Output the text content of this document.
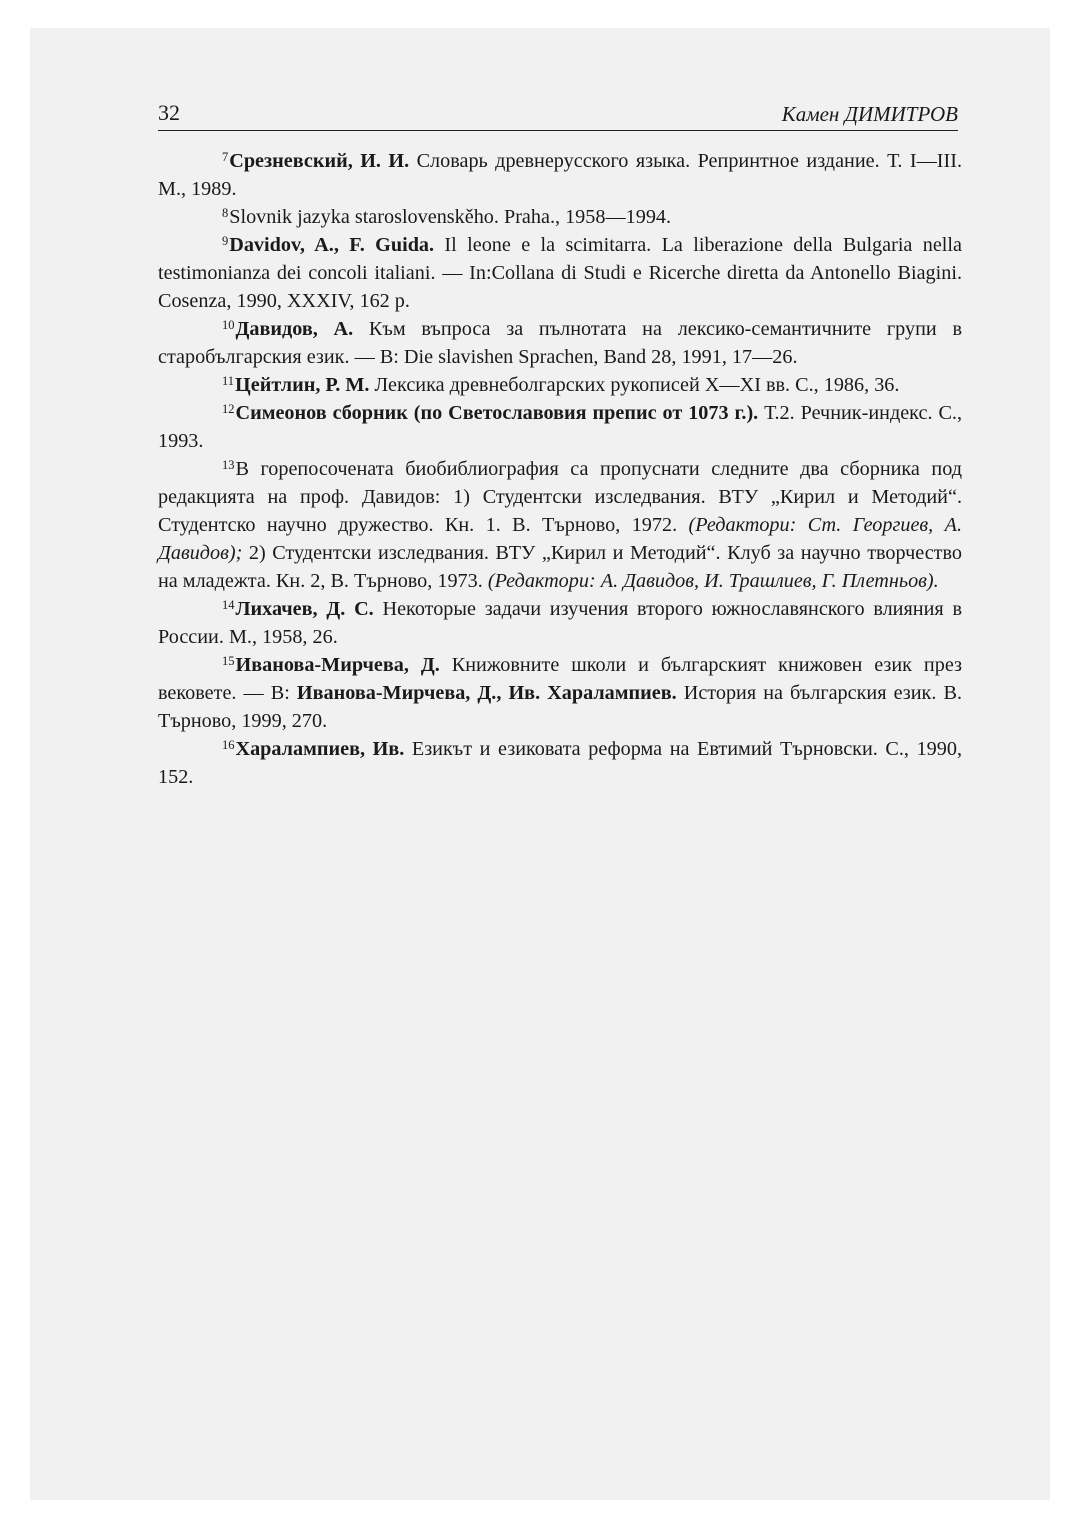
32	Камен ДИМИТРОВ

$^7$Срезневский, И. И. Словарь древнерусского языка. Репринтное издание. Т. I—III. М., 1989.

$^8$Slovnik jazyka staroslovenskěho. Praha., 1958—1994.

$^9$Davidov, A., F. Guida. Il leone e la scimitarra. La liberazione della Bulgaria nella testimonianza dei concoli italiani. — In:Collana di Studi e Ricerche diretta da Antonello Biagini. Cosenza, 1990, XXXIV, 162 p.

$^{10}$Давидов, А. Към въпроса за пълнотата на лексико-семантичните групи в старобългарския език. — В: Die slavishen Sprachen, Band 28, 1991, 17—26.

$^{11}$Цейтлин, Р. М. Лексика древнеболгарских рукописей X—XI вв. С., 1986, 36.

$^{12}$Симеонов сборник (по Светославовия препис от 1073 г.). Т.2. Речник-индекс. С., 1993.

$^{13}$В горепосочената биобиблиография са пропуснати следните два сборника под редакцията на проф. Давидов: 1) Студентски изследвания. ВТУ „Кирил и Методий“. Студентско научно дружество. Кн. 1. В. Търново, 1972. (Редактори: Ст. Георгиев, А. Давидов); 2) Студентски изследвания. ВТУ „Кирил и Методий“. Клуб за научно творчество на младежта. Кн. 2, В. Търново, 1973. (Редактори: А. Давидов, И. Трашлиев, Г. Плетньов).

$^{14}$Лихачев, Д. С. Некоторые задачи изучения второго южнославянского влияния в России. М., 1958, 26.

$^{15}$Иванова-Мирчева, Д. Книжовните школи и българският книжовен език през вековете. — В: Иванова-Мирчева, Д., Ив. Харалампиев. История на българския език. В. Търново, 1999, 270.

$^{16}$Харалампиев, Ив. Езикът и езиковата реформа на Евтимий Търновски. С., 1990, 152.
